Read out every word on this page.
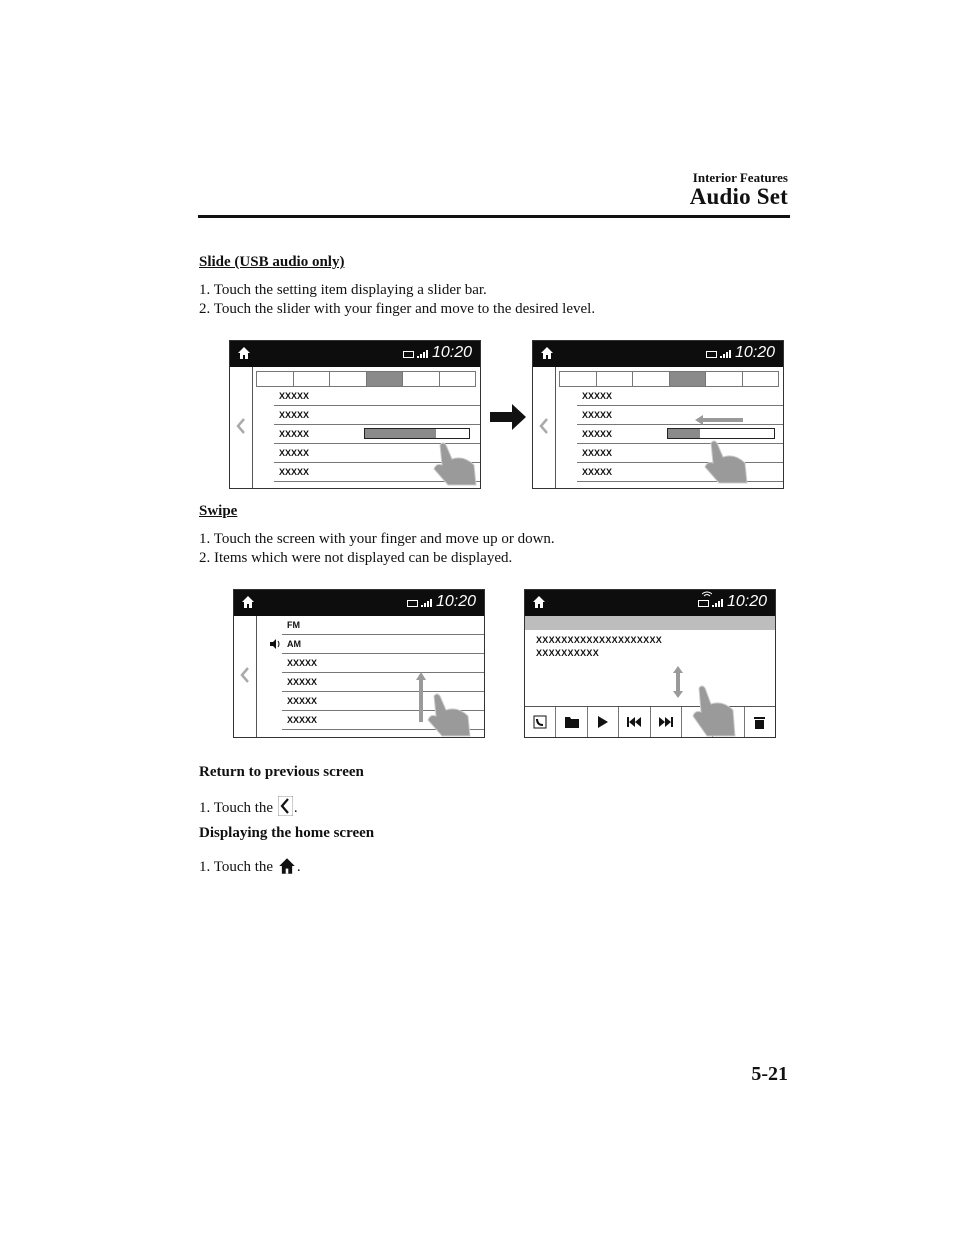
Interior Features
Audio Set
Slide (USB audio only)
1. Touch the setting item displaying a slider bar.
2. Touch the slider with your finger and move to the desired level.
10:20
XXXXX
XXXXX
XXXXX
XXXXX
XXXXX
10:20
XXXXX
XXXXX
XXXXX
XXXXX
XXXXX
Swipe
1. Touch the screen with your finger and move up or down.
2. Items which were not displayed can be displayed.
10:20
FM
AM
XXXXX
XXXXX
XXXXX
XXXXX
10:20
XXXXXXXXXXXXXXXXXXXX
XXXXXXXXXX
Return to previous screen
1. Touch the .
Displaying the home screen
1. Touch the .
5-21
